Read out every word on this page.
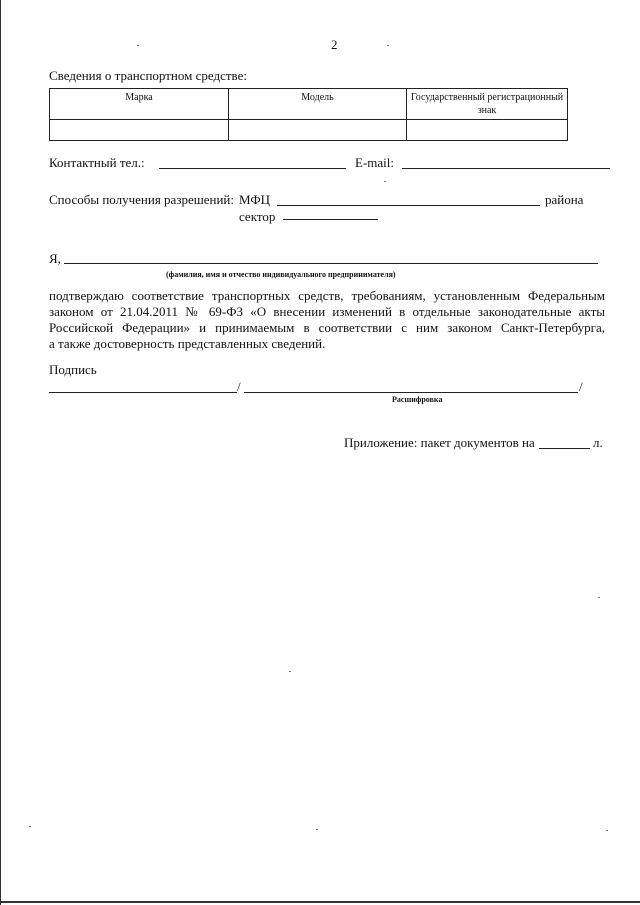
2
Сведения о транспортном средстве:
Марка	Модель	Государственный регистрационный знак

Контактный тел.:	E-mail:
Способы получения разрешений: МФЦ	района
сектор
Я,
(фамилия, имя и отчество индивидуального предпринимателя)
подтверждаю соответствие транспортных средств, требованиям, установленным Федеральным
законом от 21.04.2011 № 69-ФЗ «О внесении изменений в отдельные законодательные акты
Российской Федерации» и принимаемым в соответствии с ним законом Санкт-Петербурга,
а также достоверность представленных сведений.
Подпись
/	/
Расшифровка
Приложение: пакет документов на	л.
